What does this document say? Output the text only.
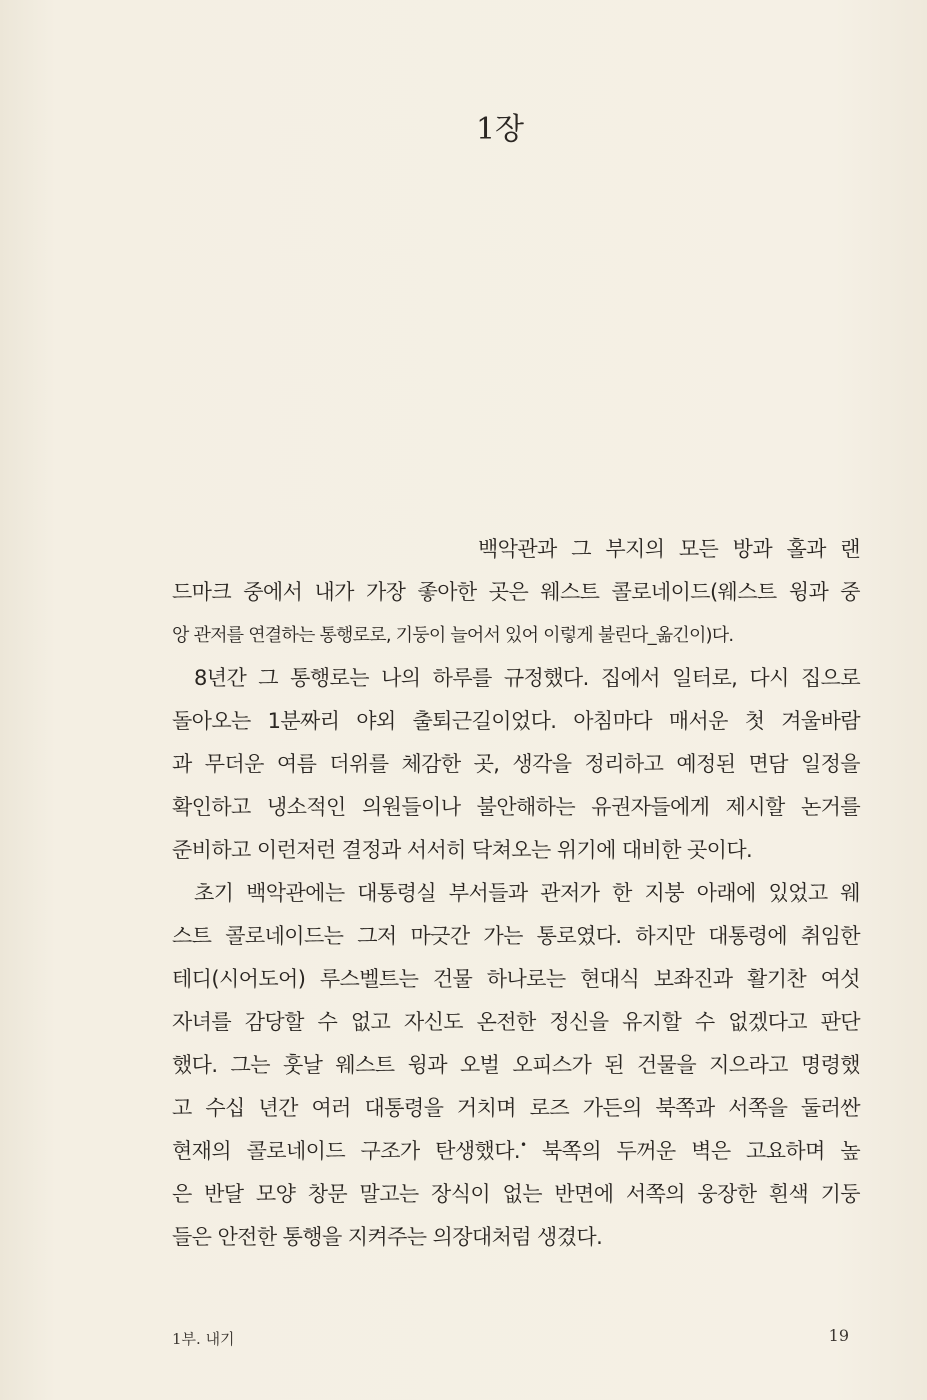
1장
백악관과 그 부지의 모든 방과 홀과 랜
드마크 중에서 내가 가장 좋아한 곳은 웨스트 콜로네이드(웨스트 윙과 중
앙 관저를 연결하는 통행로로, 기둥이 늘어서 있어 이렇게 불린다_옮긴이)다.
8년간 그 통행로는 나의 하루를 규정했다. 집에서 일터로, 다시 집으로
돌아오는 1분짜리 야외 출퇴근길이었다. 아침마다 매서운 첫 겨울바람
과 무더운 여름 더위를 체감한 곳, 생각을 정리하고 예정된 면담 일정을
확인하고 냉소적인 의원들이나 불안해하는 유권자들에게 제시할 논거를
준비하고 이런저런 결정과 서서히 닥쳐오는 위기에 대비한 곳이다.
초기 백악관에는 대통령실 부서들과 관저가 한 지붕 아래에 있었고 웨
스트 콜로네이드는 그저 마긋간 가는 통로였다. 하지만 대통령에 취임한
테디(시어도어) 루스벨트는 건물 하나로는 현대식 보좌진과 활기찬 여섯
자녀를 감당할 수 없고 자신도 온전한 정신을 유지할 수 없겠다고 판단
했다. 그는 훗날 웨스트 윙과 오벌 오피스가 된 건물을 지으라고 명령했
고 수십 년간 여러 대통령을 거치며 로즈 가든의 북쪽과 서쪽을 둘러싼
현재의 콜로네이드 구조가 탄생했다.• 북쪽의 두꺼운 벽은 고요하며 높
은 반달 모양 창문 말고는 장식이 없는 반면에 서쪽의 웅장한 흰색 기둥
들은 안전한 통행을 지켜주는 의장대처럼 생겼다.
1부. 내기	19
